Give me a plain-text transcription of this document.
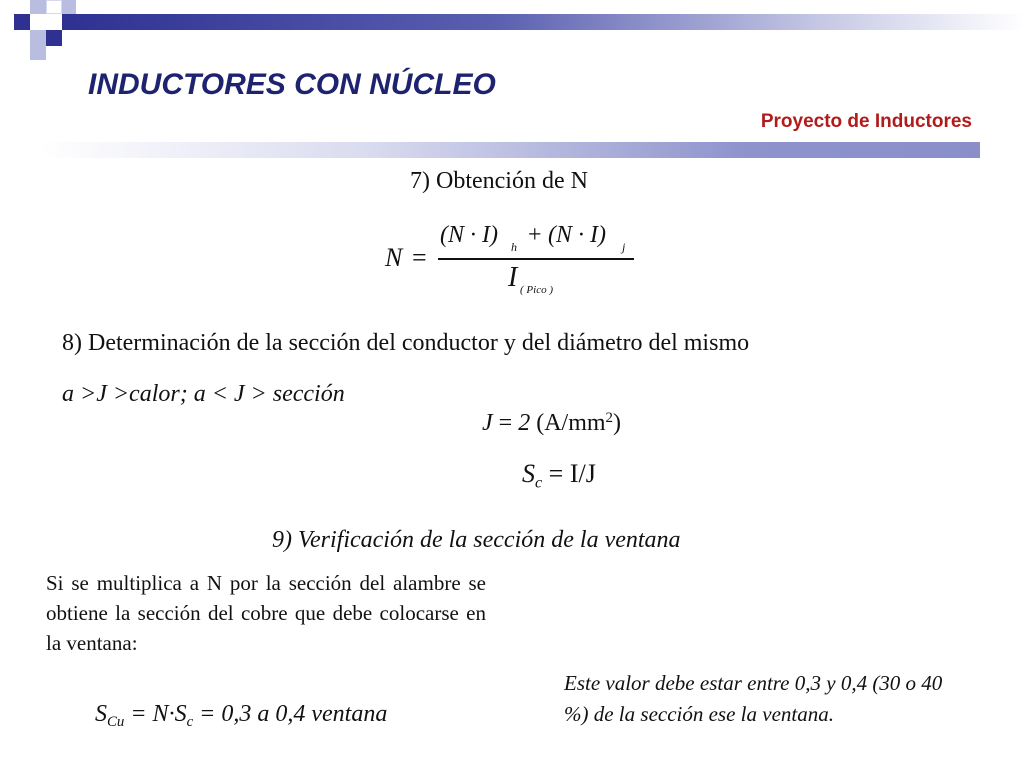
INDUCTORES CON NÚCLEO
Proyecto de Inductores
7) Obtención de N
N =
(N · I) h + (N · I) j
I ( Pico )
8) Determinación de la sección del conductor y del diámetro del mismo
a >J >calor; a < J > sección
J = 2 $(A/mm^2)$
$S_c = I/J$
9) Verificación de la sección de la ventana
Si se multiplica a N por la sección del alambre se obtiene la sección del cobre que debe colocarse en la ventana:
$S_{Cu} = N\cdot S_c = 0,3$ a 0,4 ventana
Este valor debe estar entre 0,3 y 0,4 (30 o 40 %) de la sección ese la ventana.
